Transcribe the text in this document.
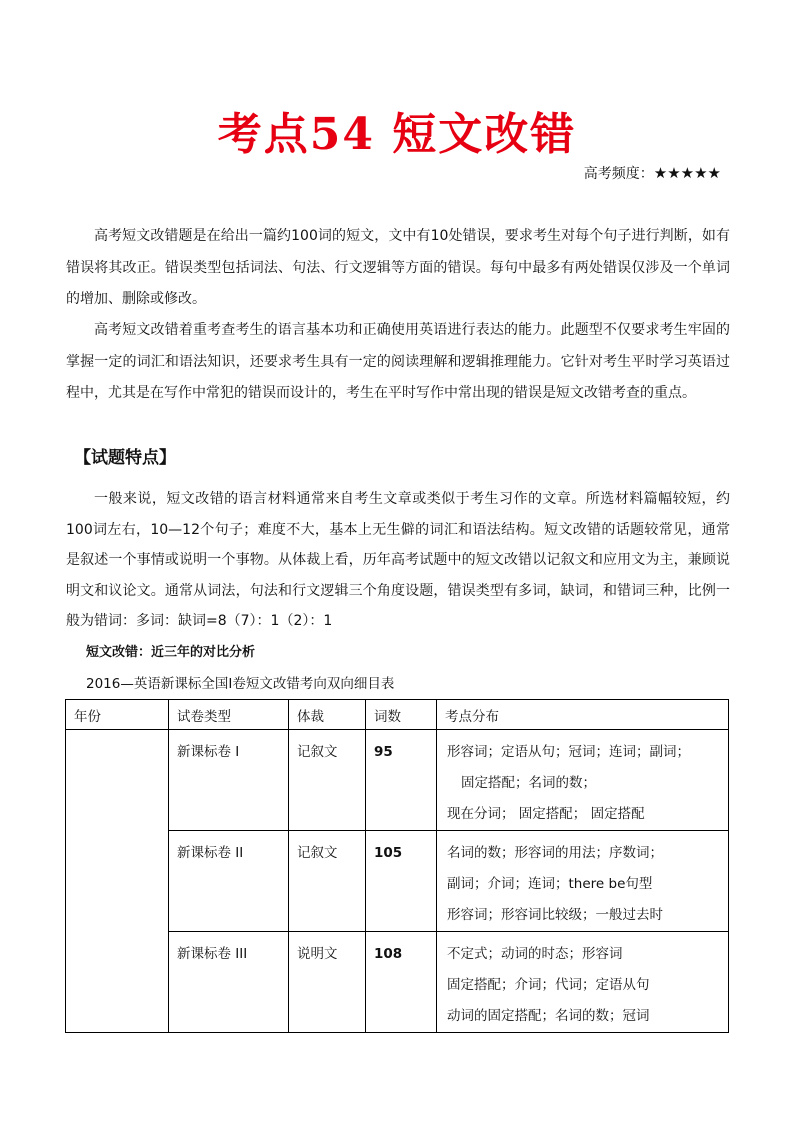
考点54 短文改错
高考频度：★★★★★

高考短文改错题是在给出一篇约100词的短文，文中有10处错误，要求考生对每个句子进行判断，如有错误将其改正。错误类型包括词法、句法、行文逻辑等方面的错误。每句中最多有两处错误仅涉及一个单词的增加、删除或修改。

高考短文改错着重考查考生的语言基本功和正确使用英语进行表达的能力。此题型不仅要求考生牢固的掌握一定的词汇和语法知识，还要求考生具有一定的阅读理解和逻辑推理能力。它针对考生平时学习英语过程中，尤其是在写作中常犯的错误而设计的，考生在平时写作中常出现的错误是短文改错考查的重点。

【试题特点】

一般来说，短文改错的语言材料通常来自考生文章或类似于考生习作的文章。所选材料篇幅较短，约100词左右，10—12个句子；难度不大，基本上无生僻的词汇和语法结构。短文改错的话题较常见，通常是叙述一个事情或说明一个事物。从体裁上看，历年高考试题中的短文改错以记叙文和应用文为主，兼顾说明文和议论文。通常从词法，句法和行文逻辑三个角度设题，错误类型有多词，缺词，和错词三种，比例一般为错词：多词：缺词=8（7）：1（2）：1

短文改错：近三年的对比分析
2016—英语新课标全国I卷短文改错考向双向细目表
年份	试卷类型	体裁	词数	考点分布

	新课标卷 I	记叙文	95	形容词；定语从句；冠词；连词；副词；
固定搭配；名词的数；
现在分词； 固定搭配； 固定搭配

	新课标卷 II	记叙文	105	名词的数；形容词的用法；序数词；
副词；介词；连词；there be句型
形容词；形容词比较级；一般过去时

	新课标卷 III	说明文	108	不定式；动词的时态；形容词
固定搭配；介词；代词；定语从句
动词的固定搭配；名词的数；冠词
